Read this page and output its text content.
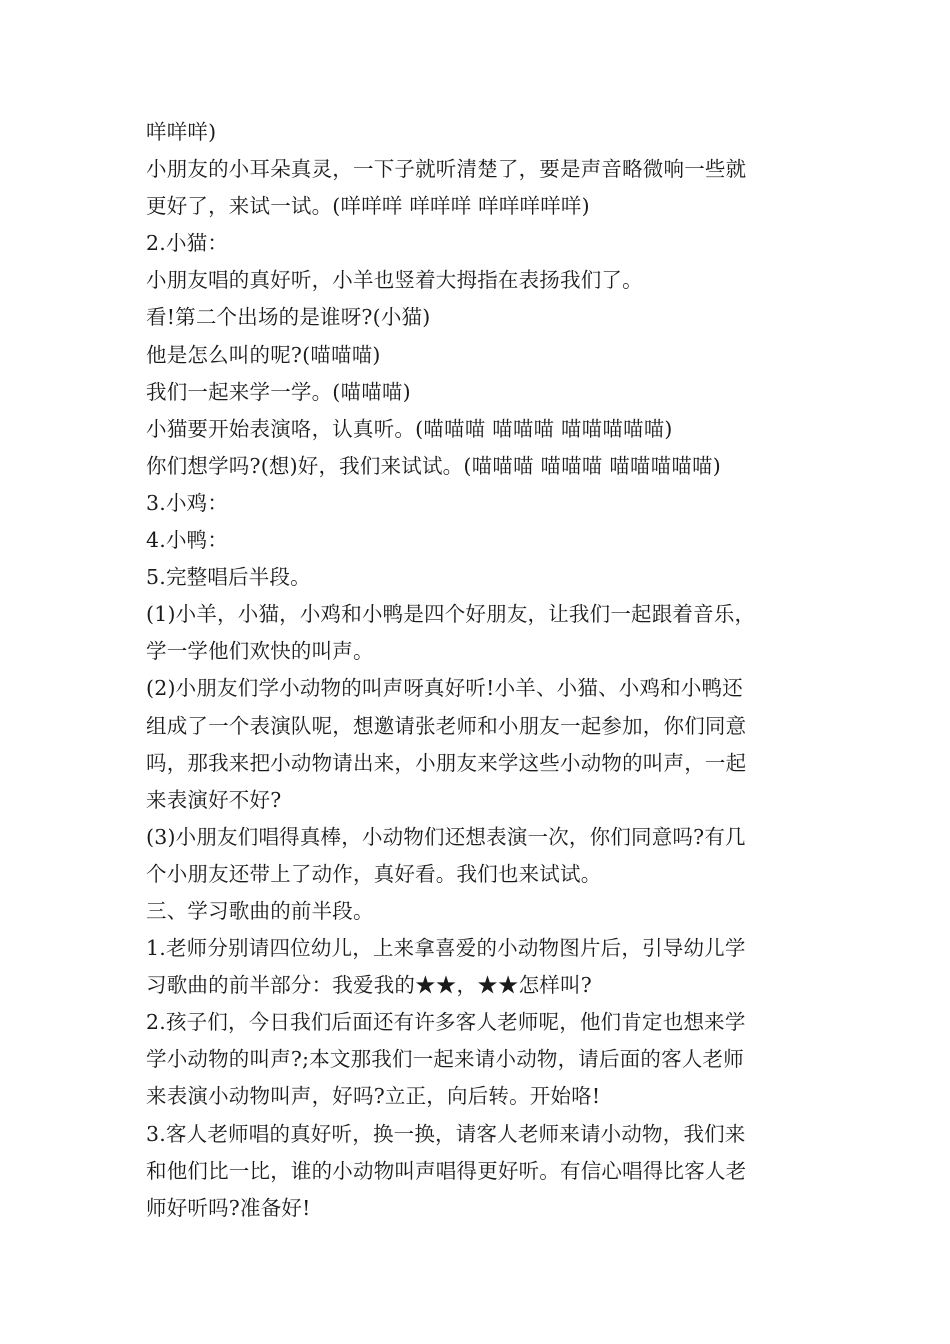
咩咩咩)

小朋友的小耳朵真灵，一下子就听清楚了，要是声音略微响一些就

更好了，来试一试。(咩咩咩 咩咩咩 咩咩咩咩咩)

2.小猫：

小朋友唱的真好听，小羊也竖着大拇指在表扬我们了。

看!第二个出场的是谁呀?(小猫)

他是怎么叫的呢?(喵喵喵)

我们一起来学一学。(喵喵喵)

小猫要开始表演咯，认真听。(喵喵喵 喵喵喵 喵喵喵喵喵)

你们想学吗?(想)好，我们来试试。(喵喵喵 喵喵喵 喵喵喵喵喵)

3.小鸡：

4.小鸭：

5.完整唱后半段。

(1)小羊，小猫，小鸡和小鸭是四个好朋友，让我们一起跟着音乐，

学一学他们欢快的叫声。

(2)小朋友们学小动物的叫声呀真好听!小羊、小猫、小鸡和小鸭还

组成了一个表演队呢，想邀请张老师和小朋友一起参加，你们同意

吗，那我来把小动物请出来，小朋友来学这些小动物的叫声，一起

来表演好不好?

(3)小朋友们唱得真棒，小动物们还想表演一次，你们同意吗?有几

个小朋友还带上了动作，真好看。我们也来试试。

三、学习歌曲的前半段。

1.老师分别请四位幼儿，上来拿喜爱的小动物图片后，引导幼儿学

习歌曲的前半部分：我爱我的★★，★★怎样叫?

2.孩子们，今日我们后面还有许多客人老师呢，他们肯定也想来学

学小动物的叫声?;本文那我们一起来请小动物，请后面的客人老师

来表演小动物叫声，好吗?立正，向后转。开始咯!

3.客人老师唱的真好听，换一换，请客人老师来请小动物，我们来

和他们比一比，谁的小动物叫声唱得更好听。有信心唱得比客人老

师好听吗?准备好!
